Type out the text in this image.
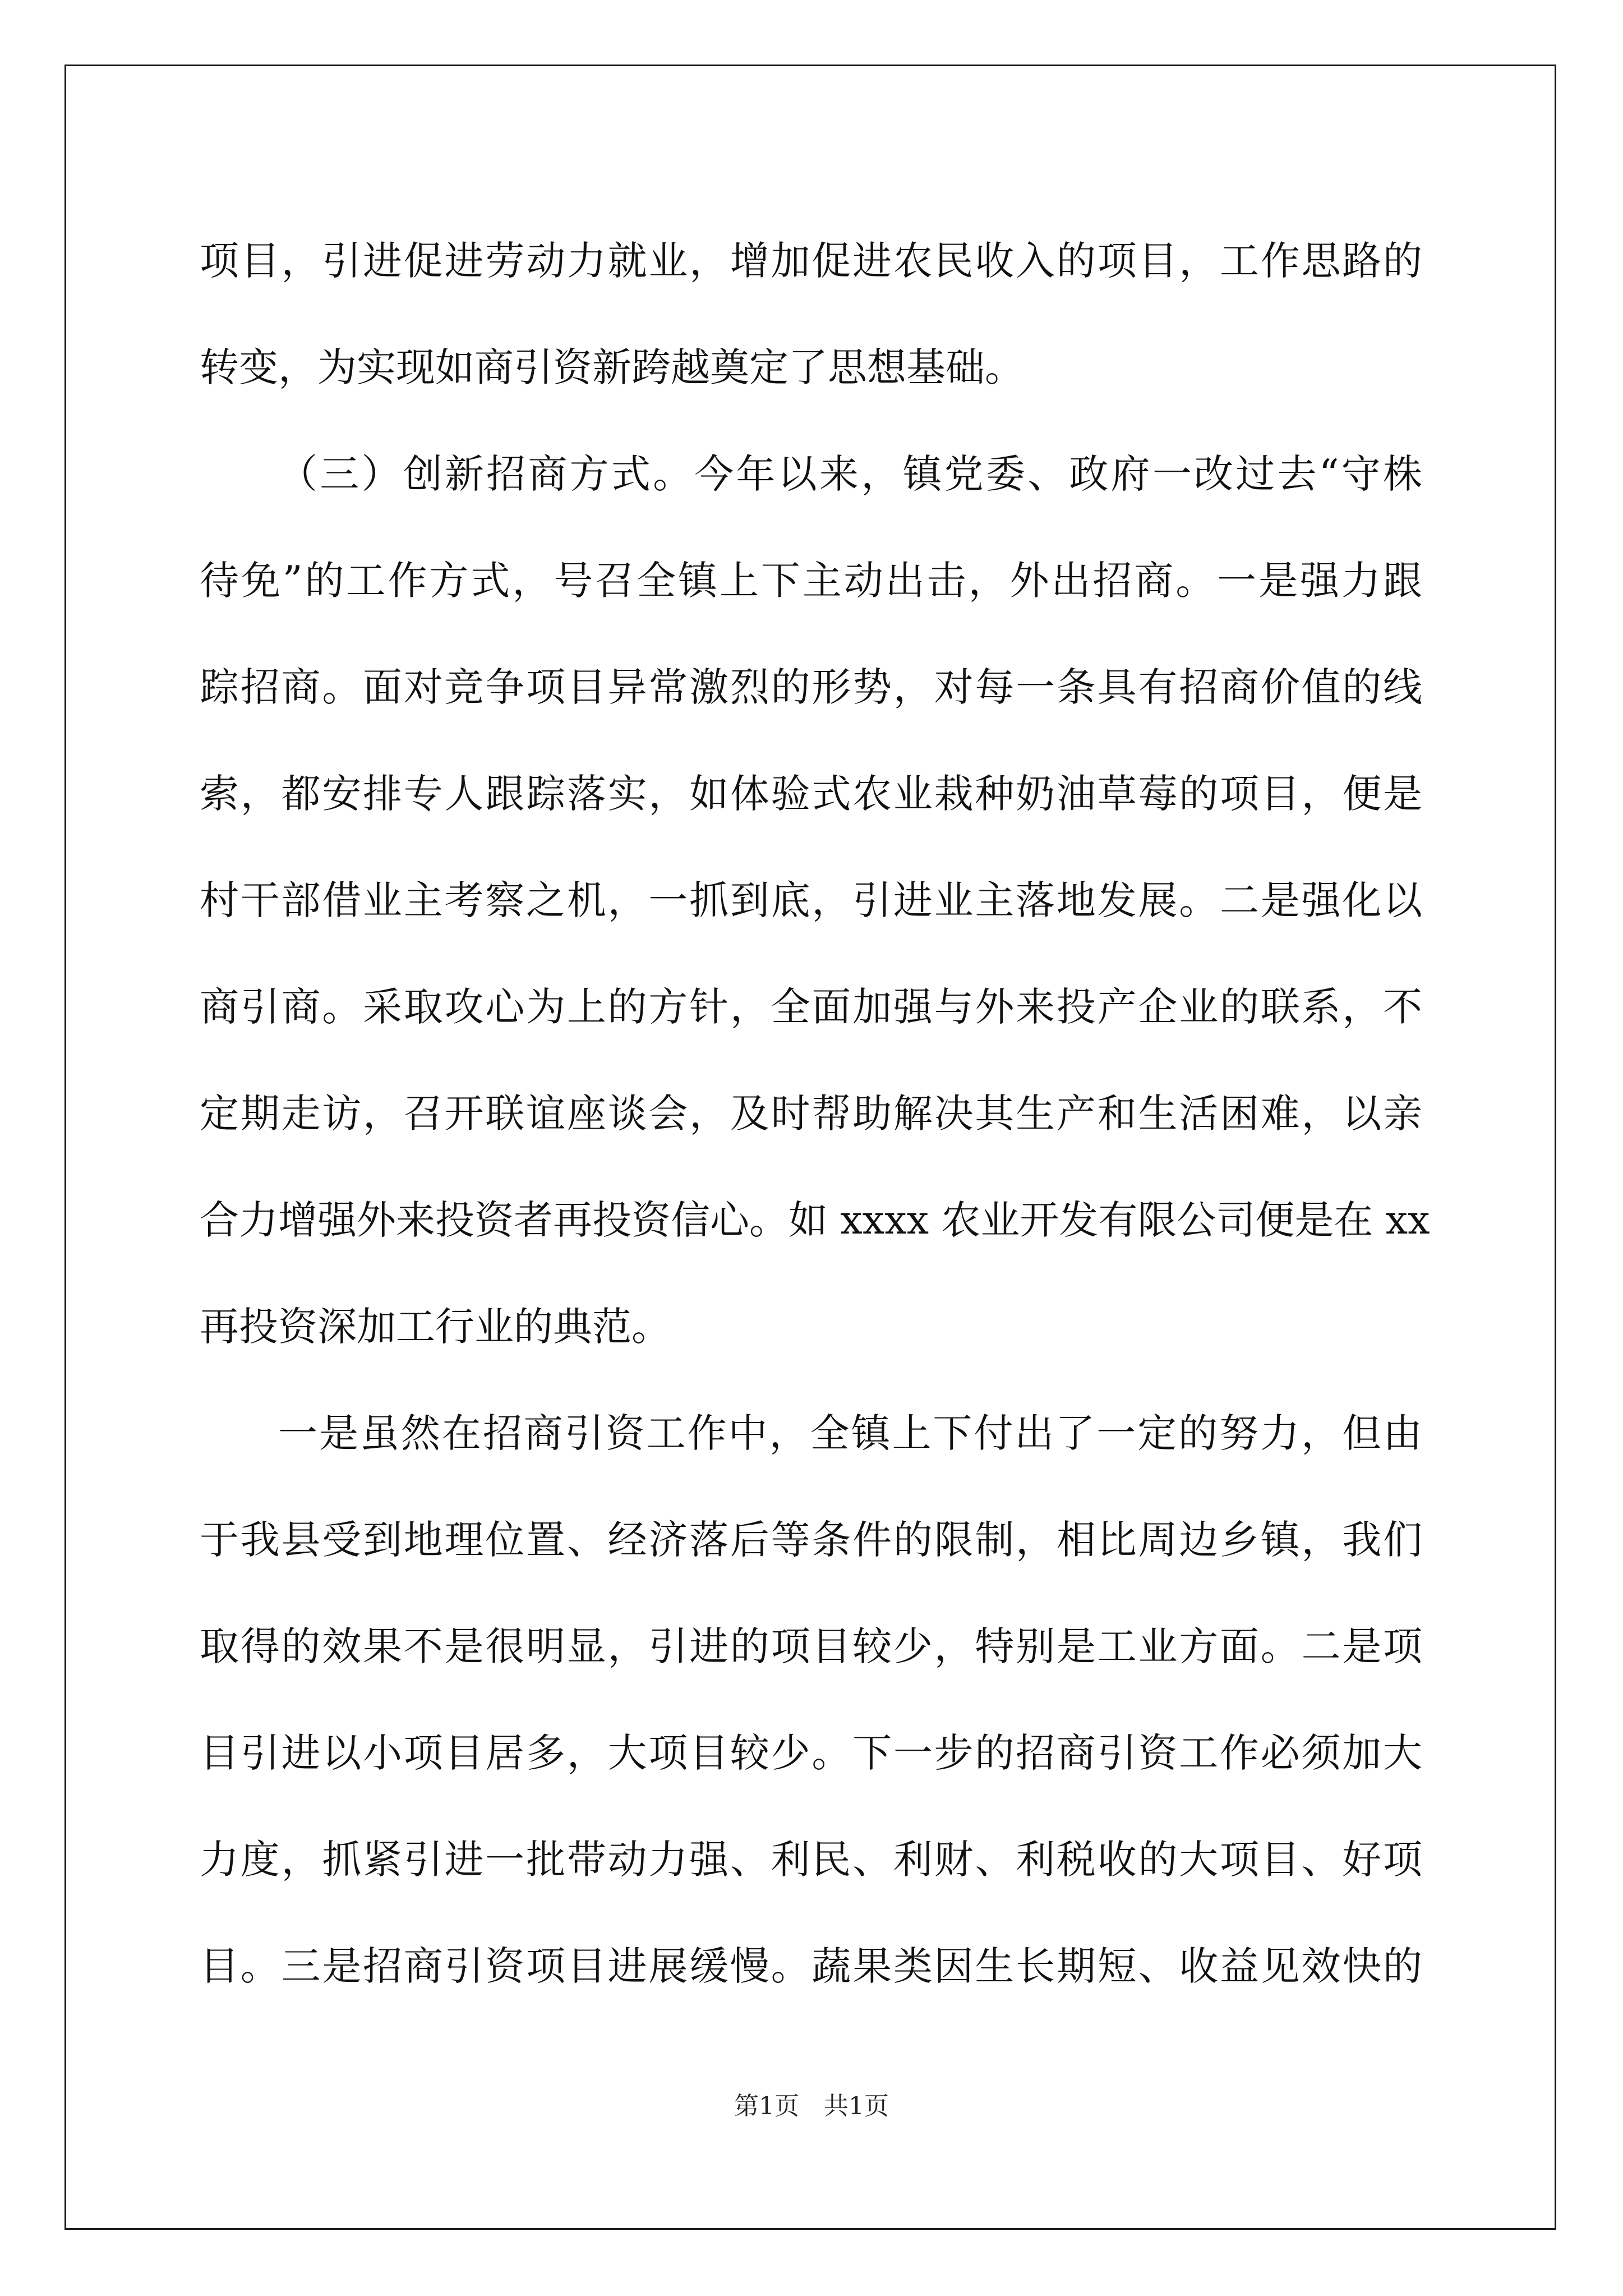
项目，引进促进劳动力就业，增加促进农民收入的项目，工作思路的
转变，为实现如商引资新跨越奠定了思想基础。
（三）创新招商方式。今年以来，镇党委、政府一改过去“守株
待免”的工作方式，号召全镇上下主动出击，外出招商。一是强力跟
踪招商。面对竞争项目异常激烈的形势，对每一条具有招商价值的线
索，都安排专人跟踪落实，如体验式农业栽种奶油草莓的项目，便是
村干部借业主考察之机，一抓到底，引进业主落地发展。二是强化以
商引商。采取攻心为上的方针，全面加强与外来投产企业的联系，不
定期走访，召开联谊座谈会，及时帮助解决其生产和生活困难，以亲
合力增强外来投资者再投资信心。如 xxxx 农业开发有限公司便是在 xx
再投资深加工行业的典范。
一是虽然在招商引资工作中，全镇上下付出了一定的努力，但由
于我县受到地理位置、经济落后等条件的限制，相比周边乡镇，我们
取得的效果不是很明显，引进的项目较少，特别是工业方面。二是项
目引进以小项目居多，大项目较少。下一步的招商引资工作必须加大
力度，抓紧引进一批带动力强、利民、利财、利税收的大项目、好项
目。三是招商引资项目进展缓慢。蔬果类因生长期短、收益见效快的
第1页　共1页
